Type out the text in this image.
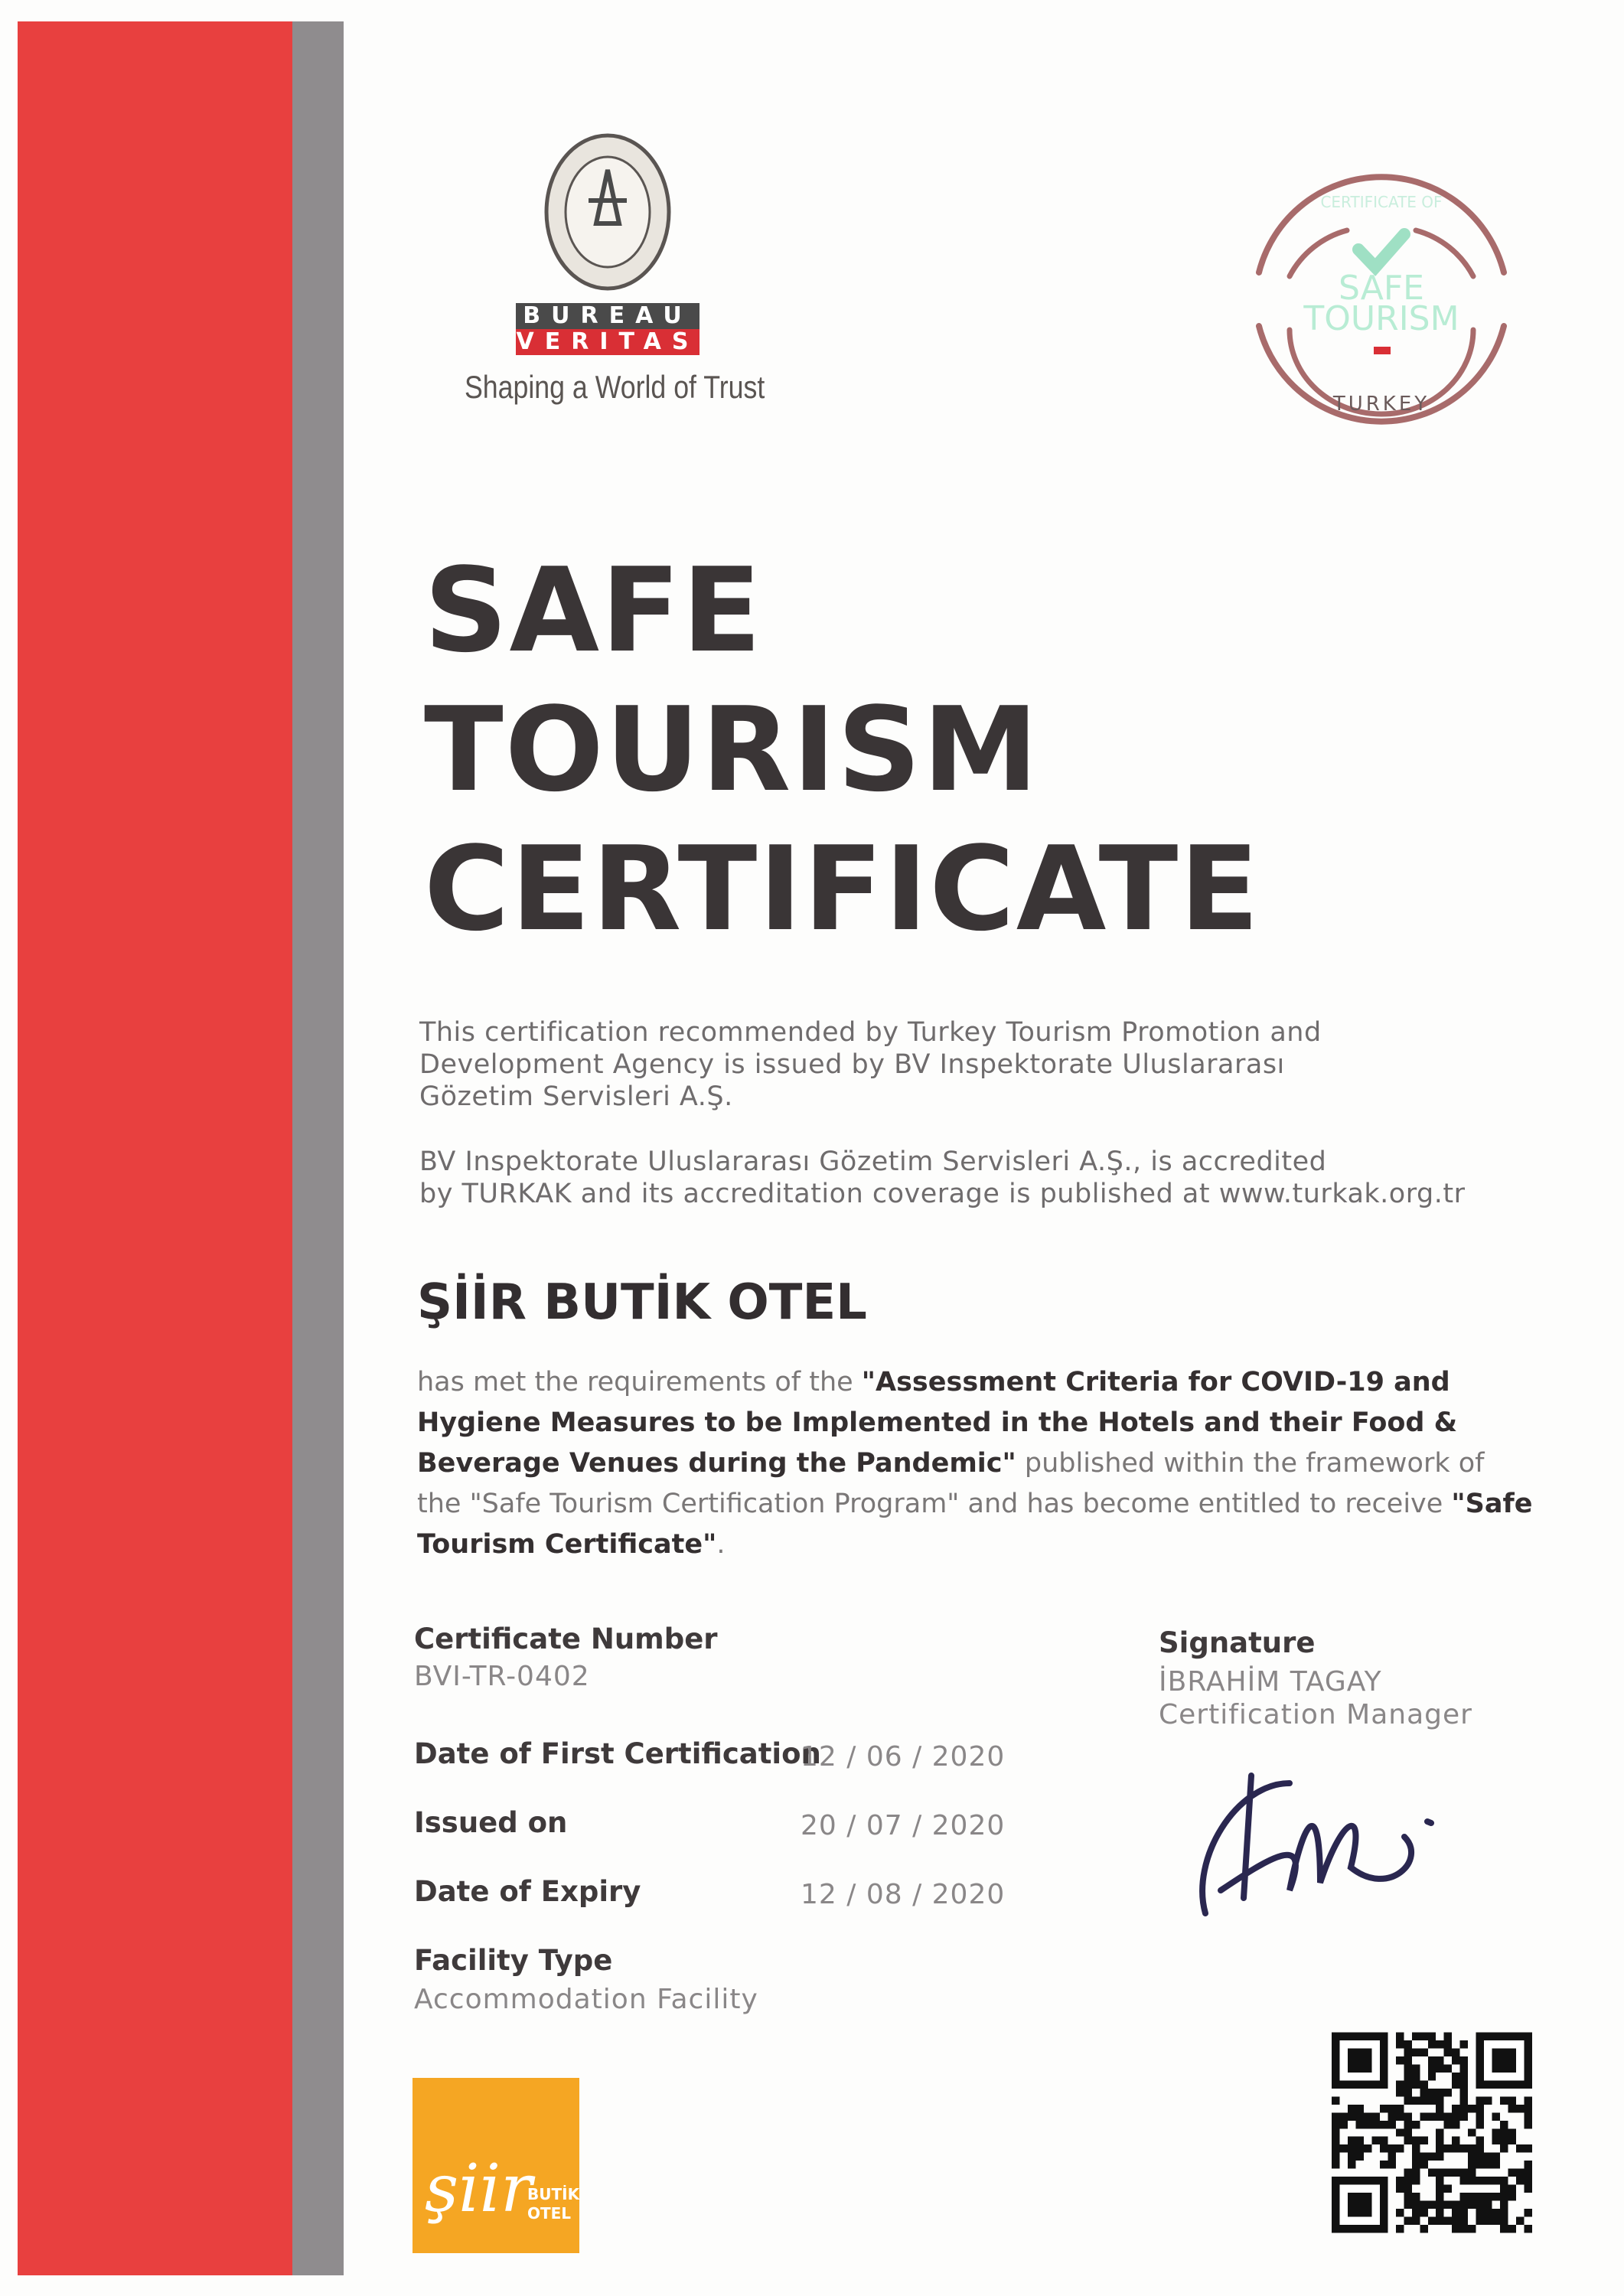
BUREAU
VERITAS
Shaping a World of Trust
CERTIFICATE OF
SAFE
TOURISM
TURKEY
SAFE
TOURISM
CERTIFICATE
This certification recommended by Turkey Tourism Promotion and
Development Agency is issued by BV Inspektorate Uluslararası
Gözetim Servisleri A.Ş.
BV Inspektorate Uluslararası Gözetim Servisleri A.Ş., is accredited
by TURKAK and its accreditation coverage is published at www.turkak.org.tr
ŞİİR BUTİK OTEL
has met the requirements of the "Assessment Criteria for COVID-19 and Hygiene Measures to be Implemented in the Hotels and their Food & Beverage Venues during the Pandemic" published within the framework of the "Safe Tourism Certification Program" and has become entitled to receive "Safe Tourism Certificate".
Certificate Number
BVI-TR-0402
Date of First Certification
12 / 06 / 2020
Issued on	20 / 07 / 2020
Date of Expiry	12 / 08 / 2020
Facility Type
Accommodation Facility
Signature
İBRAHİM TAGAY
Certification Manager
şiir
BUTİK
OTEL
